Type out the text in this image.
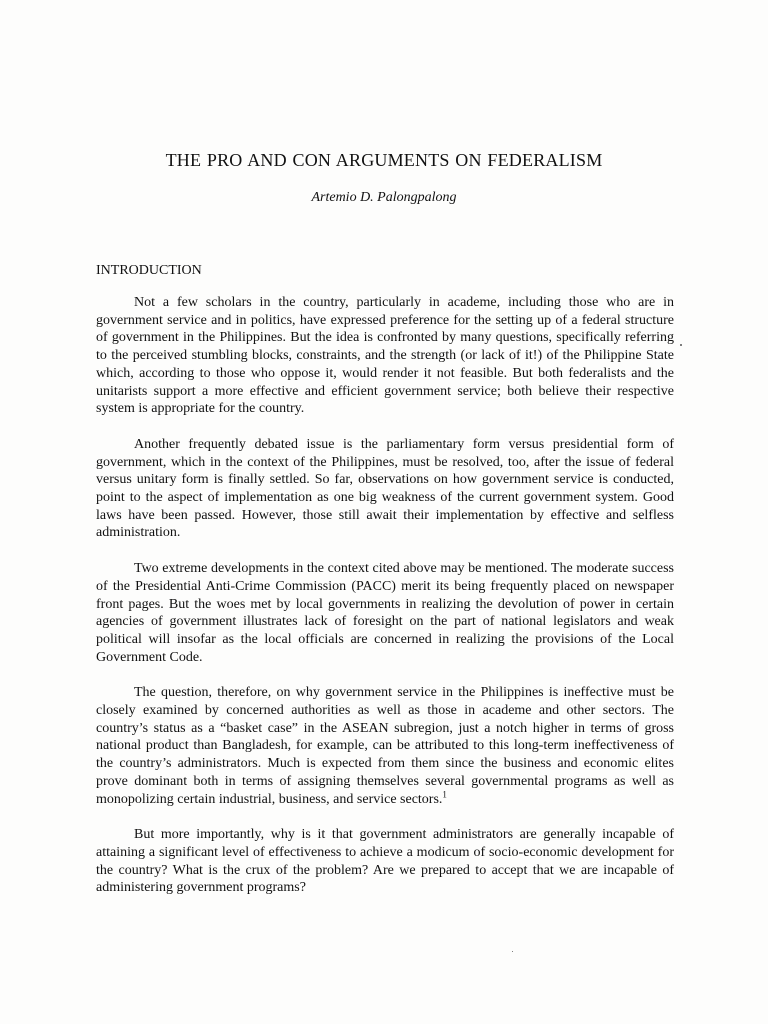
THE PRO AND CON ARGUMENTS ON FEDERALISM

Artemio D. Palongpalong

INTRODUCTION

Not a few scholars in the country, particularly in academe, including those who are in government service and in politics, have expressed preference for the setting up of a federal structure of government in the Philippines. But the idea is confronted by many questions, specifically referring to the perceived stumbling blocks, constraints, and the strength (or lack of it!) of the Philippine State which, according to those who oppose it, would render it not feasible. But both federalists and the unitarists support a more effective and efficient government service; both believe their respective system is appropriate for the country.

Another frequently debated issue is the parliamentary form versus presidential form of government, which in the context of the Philippines, must be resolved, too, after the issue of federal versus unitary form is finally settled. So far, observations on how government service is conducted, point to the aspect of implementation as one big weakness of the current government system. Good laws have been passed. However, those still await their implementation by effective and selfless administration.

Two extreme developments in the context cited above may be mentioned. The moderate success of the Presidential Anti-Crime Commission (PACC) merit its being frequently placed on newspaper front pages. But the woes met by local governments in realizing the devolution of power in certain agencies of government illustrates lack of foresight on the part of national legislators and weak political will insofar as the local officials are concerned in realizing the provisions of the Local Government Code.

The question, therefore, on why government service in the Philippines is ineffective must be closely examined by concerned authorities as well as those in academe and other sectors. The country’s status as a “basket case” in the ASEAN subregion, just a notch higher in terms of gross national product than Bangladesh, for example, can be attributed to this long-term ineffectiveness of the country’s administrators. Much is expected from them since the business and economic elites prove dominant both in terms of assigning themselves several governmental programs as well as monopolizing certain industrial, business, and service sectors.$^1$

But more importantly, why is it that government administrators are generally incapable of attaining a significant level of effectiveness to achieve a modicum of socio-economic development for the country? What is the crux of the problem? Are we prepared to accept that we are incapable of administering government programs?
